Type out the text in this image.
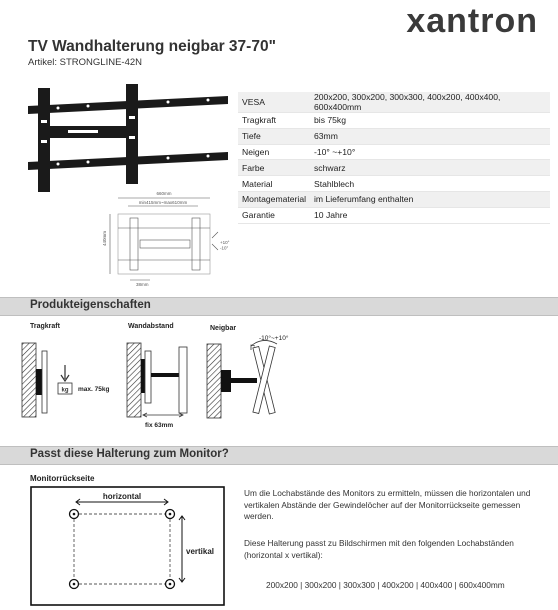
xantron
TV Wandhalterung neigbar 37-70"
Artikel: STRONGLINE-42N
VESA	200x200, 300x200, 300x300, 400x200, 400x400, 600x400mm
Tragkraft	bis 75kg
Tiefe	63mm
Neigen	-10° ~+10°
Farbe	schwarz
Material	Stahlblech
Montagematerial	im Lieferumfang enthalten
Garantie	10 Jahre
660mm
min415mm~max610mm
440mm
38mm
+10° -10°
Produkteigenschaften
Tragkraft	Wandabstand	Neigbar
kg max. 75kg
fix 63mm
-10°~+10°
Passt diese Halterung zum Monitor?
Monitorrückseite
horizontal
vertikal
Um die Lochabstände des Monitors zu ermitteln, müssen die horizontalen und vertikalen Abstände der Gewindelöcher auf der Monitorrückseite gemessen werden.
Diese Halterung passt zu Bildschirmen mit den folgenden Lochabständen (horizontal x vertikal):
200x200 | 300x200 | 300x300 | 400x200 | 400x400 | 600x400mm
